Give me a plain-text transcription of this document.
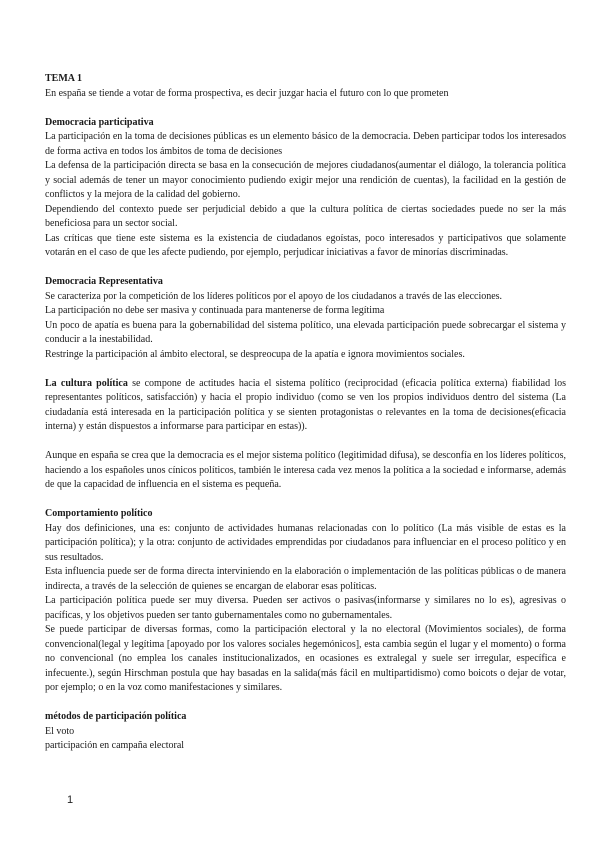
TEMA 1

En españa se tiende a votar de forma prospectiva, es decir juzgar hacia el futuro con lo que prometen

Democracia participativa

La participación en la toma de decisiones públicas es un elemento básico de la democracia. Deben participar todos los interesados de forma activa en todos los ámbitos de toma de decisiones

La defensa de la participación directa se basa en la consecución de mejores ciudadanos(aumentar el diálogo, la tolerancia política y social además de tener un mayor conocimiento pudiendo exigir mejor una rendición de cuentas), la facilidad en la gestión de conflictos y la mejora de la calidad del gobierno.

Dependiendo del contexto puede ser perjudicial debido a que la cultura política de ciertas sociedades puede no ser la más beneficiosa para un sector social.

Las críticas que tiene este sistema es la existencia de ciudadanos egoístas, poco interesados y participativos que solamente votarán en el caso de que les afecte pudiendo, por ejemplo, perjudicar iniciativas a favor de minorías discriminadas.

Democracia Representativa

Se caracteriza por la competición de los líderes políticos por el apoyo de los ciudadanos a través de las elecciones.

La participación no debe ser masiva y continuada para mantenerse de forma legítima

Un poco de apatía es buena para la gobernabilidad del sistema político, una elevada participación puede sobrecargar el sistema y conducir a la inestabilidad.

Restringe la participación al ámbito electoral, se despreocupa de la apatía e ignora movimientos sociales.

La cultura política se compone de actitudes hacia el sistema político (reciprocidad (eficacia política externa) fiabilidad los representantes políticos, satisfacción) y hacia el propio individuo (como se ven los propios individuos dentro del sistema (La ciudadanía está interesada en la participación política y se sienten protagonistas o relevantes en la toma de decisiones(eficacia interna) y están dispuestos a informarse para participar en estas)).

Aunque en españa se crea que la democracia es el mejor sistema político (legitimidad difusa), se desconfía en los líderes políticos, haciendo a los españoles unos cínicos políticos, también le interesa cada vez menos la política a la sociedad e informarse, además de que la capacidad de influencia en el sistema es pequeña.

Comportamiento político

Hay dos definiciones, una es: conjunto de actividades humanas relacionadas con lo político (La más visible de estas es la participación política); y la otra: conjunto de actividades emprendidas por ciudadanos para influenciar en el proceso político y en sus resultados.

Esta influencia puede ser de forma directa interviniendo en la elaboración o implementación de las políticas públicas o de manera indirecta, a través de la selección de quienes se encargan de elaborar esas políticas.

La participación política puede ser muy diversa. Pueden ser activos o pasivas(informarse y similares no lo es), agresivas o pacíficas, y los objetivos pueden ser tanto gubernamentales como no gubernamentales.

Se puede participar de diversas formas, como la participación electoral y la no electoral (Movimientos sociales), de forma convencional(legal y legítima [apoyado por los valores sociales hegemónicos], esta cambia según el lugar y el momento) o forma no convencional (no emplea los canales institucionalizados, en ocasiones es extralegal y suele ser irregular, específica e infecuente.), según Hirschman postula que hay basadas en la salida(más fácil en multipartidismo) como boicots o dejar de votar, por ejemplo; o en la voz como manifestaciones y similares.

métodos de participación política

El voto

participación en campaña electoral

1
